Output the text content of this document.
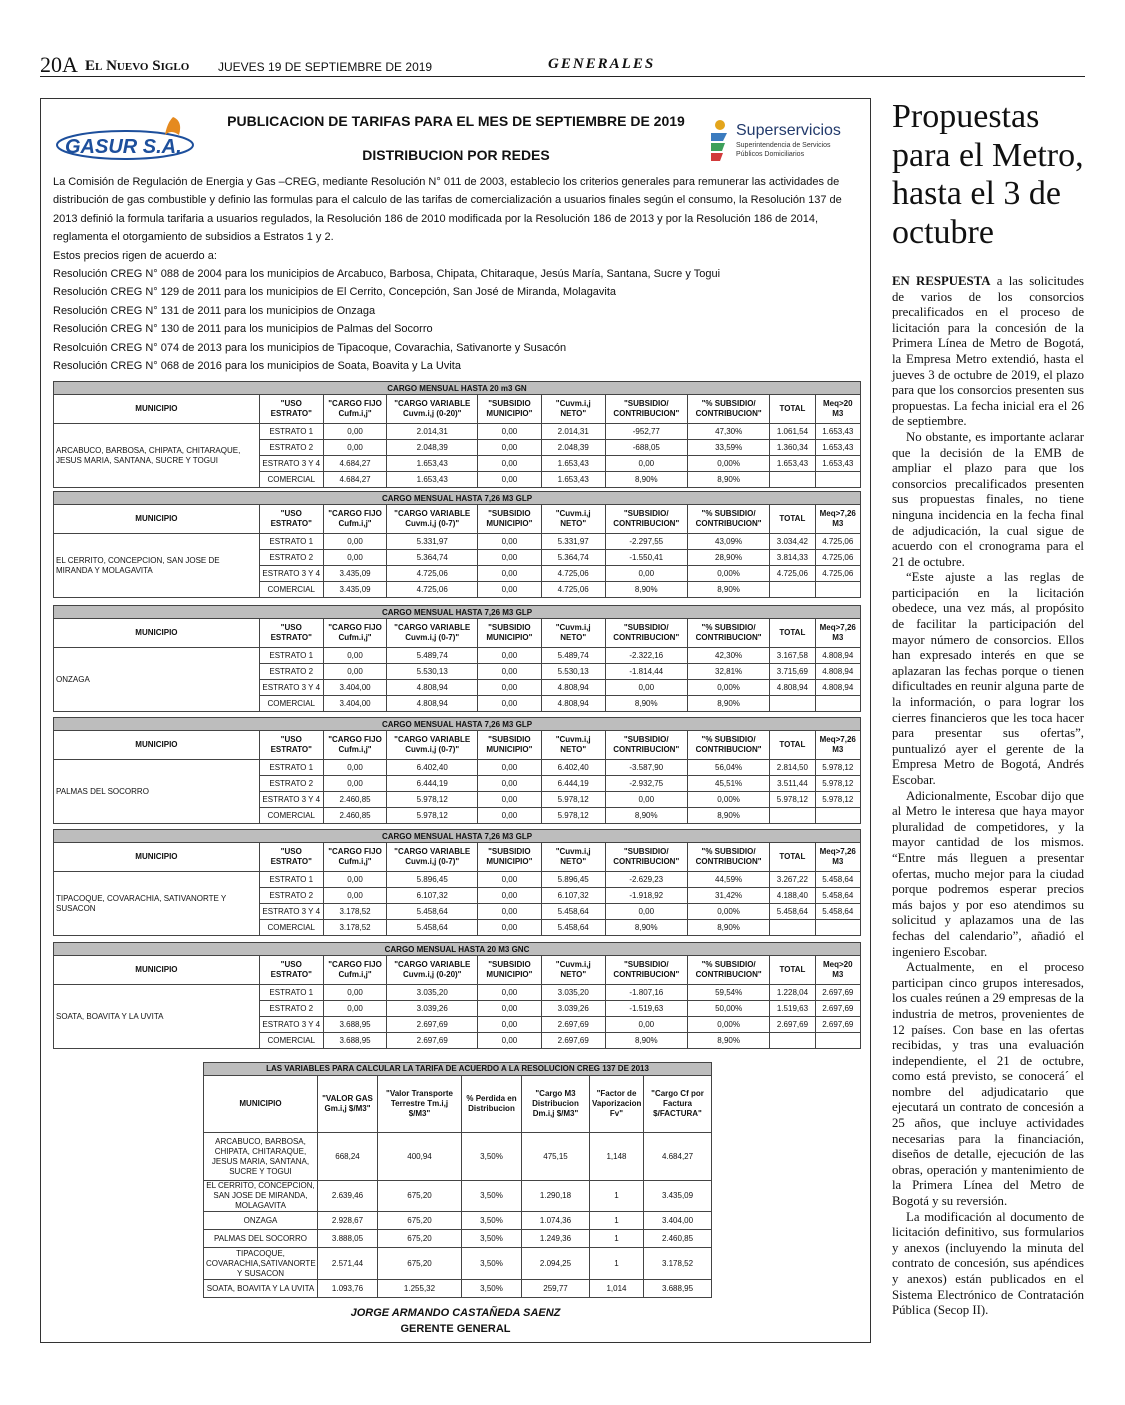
20A El Nuevo Siglo JUEVES 19 DE SEPTIEMBRE DE 2019	GENERALES
GASUR S.A.
PUBLICACION DE TARIFAS PARA EL MES DE SEPTIEMBRE DE 2019
DISTRIBUCION POR REDES
Superservicios
Superintendencia de Servicios
Públicos Domiciliarios
La Comisión de Regulación de Energia y Gas –CREG, mediante Resolución N° 011 de 2003, establecio los criterios generales para remunerar las actividades de distribución de gas combustible y definio las formulas para el calculo de las tarifas de comercialización a usuarios finales según el consumo, la Resolución 137 de 2013 definió la formula tarifaria a usuarios regulados, la Resolución 186 de 2010 modificada por la Resolución 186 de 2013 y por la Resolución 186 de 2014, reglamenta el otorgamiento de subsidios a Estratos 1 y 2.
Estos precios rigen de acuerdo a:
Resolución CREG N° 088 de 2004 para los municipios de Arcabuco, Barbosa, Chipata, Chitaraque, Jesús María, Santana, Sucre y Togui
Resolución CREG N° 129 de 2011 para los municipios de El Cerrito, Concepción, San José de Miranda, Molagavita
Resolución CREG N° 131 de 2011 para los municipios de Onzaga
Resolución CREG N° 130 de 2011 para los municipios de Palmas del Socorro
Resolcuión CREG N° 074 de 2013 para los municipios de Tipacoque, Covarachia, Sativanorte y Susacón
Resolución CREG N° 068 de 2016 para los municipios de Soata, Boavita y La Uvita
CARGO MENSUAL HASTA 20 m3 GN									
MUNICIPIO	"USO ESTRATO"	"CARGO FIJO Cufm.i,j"	"CARGO VARIABLE Cuvm.i,j (0-20)"	"SUBSIDIO MUNICIPIO"	"Cuvm.i,j NETO"	"SUBSIDIO/ CONTRIBUCION"	"% SUBSIDIO/ CONTRIBUCION"	TOTAL	Meq>20 M3
ARCABUCO, BARBOSA, CHIPATA, CHITARAQUE, JESUS MARIA, SANTANA, SUCRE Y TOGUI	ESTRATO 1	0,00	2.014,31	0,00	2.014,31	-952,77	47,30%	1.061,54	1.653,43
	ESTRATO 2	0,00	2.048,39	0,00	2.048,39	-688,05	33,59%	1.360,34	1.653,43
	ESTRATO 3 Y 4	4.684,27	1.653,43	0,00	1.653,43	0,00	0,00%	1.653,43	1.653,43
	COMERCIAL	4.684,27	1.653,43	0,00	1.653,43	8,90%	8,90%		
CARGO MENSUAL HASTA 7,26 M3 GLP									
MUNICIPIO	"USO ESTRATO"	"CARGO FIJO Cufm.i,j"	"CARGO VARIABLE Cuvm.i,j (0-7)"	"SUBSIDIO MUNICIPIO"	"Cuvm.i,j NETO"	"SUBSIDIO/ CONTRIBUCION"	"% SUBSIDIO/ CONTRIBUCION"	TOTAL	Meq>7,26 M3
EL CERRITO, CONCEPCION, SAN JOSE DE MIRANDA Y MOLAGAVITA	ESTRATO 1	0,00	5.331,97	0,00	5.331,97	-2.297,55	43,09%	3.034,42	4.725,06
	ESTRATO 2	0,00	5.364,74	0,00	5.364,74	-1.550,41	28,90%	3.814,33	4.725,06
	ESTRATO 3 Y 4	3.435,09	4.725,06	0,00	4.725,06	0,00	0,00%	4.725,06	4.725,06
	COMERCIAL	3.435,09	4.725,06	0,00	4.725,06	8,90%	8,90%		
CARGO MENSUAL HASTA 7,26 M3 GLP									
MUNICIPIO	"USO ESTRATO"	"CARGO FIJO Cufm.i,j"	"CARGO VARIABLE Cuvm.i,j (0-7)"	"SUBSIDIO MUNICIPIO"	"Cuvm.i,j NETO"	"SUBSIDIO/ CONTRIBUCION"	"% SUBSIDIO/ CONTRIBUCION"	TOTAL	Meq>7,26 M3
ONZAGA	ESTRATO 1	0,00	5.489,74	0,00	5.489,74	-2.322,16	42,30%	3.167,58	4.808,94
	ESTRATO 2	0,00	5.530,13	0,00	5.530,13	-1.814,44	32,81%	3.715,69	4.808,94
	ESTRATO 3 Y 4	3.404,00	4.808,94	0,00	4.808,94	0,00	0,00%	4.808,94	4.808,94
	COMERCIAL	3.404,00	4.808,94	0,00	4.808,94	8,90%	8,90%		
CARGO MENSUAL HASTA 7,26 M3 GLP									
MUNICIPIO	"USO ESTRATO"	"CARGO FIJO Cufm.i,j"	"CARGO VARIABLE Cuvm.i,j (0-7)"	"SUBSIDIO MUNICIPIO"	"Cuvm.i,j NETO"	"SUBSIDIO/ CONTRIBUCION"	"% SUBSIDIO/ CONTRIBUCION"	TOTAL	Meq>7,26 M3
PALMAS DEL SOCORRO	ESTRATO 1	0,00	6.402,40	0,00	6.402,40	-3.587,90	56,04%	2.814,50	5.978,12
	ESTRATO 2	0,00	6.444,19	0,00	6.444,19	-2.932,75	45,51%	3.511,44	5.978,12
	ESTRATO 3 Y 4	2.460,85	5.978,12	0,00	5.978,12	0,00	0,00%	5.978,12	5.978,12
	COMERCIAL	2.460,85	5.978,12	0,00	5.978,12	8,90%	8,90%		
CARGO MENSUAL HASTA 7,26 M3 GLP									
MUNICIPIO	"USO ESTRATO"	"CARGO FIJO Cufm.i,j"	"CARGO VARIABLE Cuvm.i,j (0-7)"	"SUBSIDIO MUNICIPIO"	"Cuvm.i,j NETO"	"SUBSIDIO/ CONTRIBUCION"	"% SUBSIDIO/ CONTRIBUCION"	TOTAL	Meq>7,26 M3
TIPACOQUE, COVARACHIA, SATIVANORTE Y SUSACON	ESTRATO 1	0,00	5.896,45	0,00	5.896,45	-2.629,23	44,59%	3.267,22	5.458,64
	ESTRATO 2	0,00	6.107,32	0,00	6.107,32	-1.918,92	31,42%	4.188,40	5.458,64
	ESTRATO 3 Y 4	3.178,52	5.458,64	0,00	5.458,64	0,00	0,00%	5.458,64	5.458,64
	COMERCIAL	3.178,52	5.458,64	0,00	5.458,64	8,90%	8,90%		
CARGO MENSUAL HASTA 20 M3 GNC									
MUNICIPIO	"USO ESTRATO"	"CARGO FIJO Cufm.i,j"	"CARGO VARIABLE Cuvm.i,j (0-20)"	"SUBSIDIO MUNICIPIO"	"Cuvm.i,j NETO"	"SUBSIDIO/ CONTRIBUCION"	"% SUBSIDIO/ CONTRIBUCION"	TOTAL	Meq>20 M3
SOATA, BOAVITA Y LA UVITA	ESTRATO 1	0,00	3.035,20	0,00	3.035,20	-1.807,16	59,54%	1.228,04	2.697,69
	ESTRATO 2	0,00	3.039,26	0,00	3.039,26	-1.519,63	50,00%	1.519,63	2.697,69
	ESTRATO 3 Y 4	3.688,95	2.697,69	0,00	2.697,69	0,00	0,00%	2.697,69	2.697,69
	COMERCIAL	3.688,95	2.697,69	0,00	2.697,69	8,90%	8,90%		
LAS VARIABLES PARA CALCULAR LA TARIFA DE ACUERDO A LA RESOLUCION CREG 137 DE 2013						
MUNICIPIO	"VALOR GAS Gm.i,j $/M3"	"Valor Transporte Terrestre Tm.i,j $/M3"	% Perdida en Distribucion	"Cargo M3 Distribucion Dm.i,j $/M3"	"Factor de Vaporizacion Fv"	"Cargo Cf por Factura $/FACTURA"
ARCABUCO, BARBOSA, CHIPATA, CHITARAQUE, JESUS MARIA, SANTANA, SUCRE Y TOGUI	668,24	400,94	3,50%	475,15	1,148	4.684,27
EL CERRITO, CONCEPCION, SAN JOSE DE MIRANDA, MOLAGAVITA	2.639,46	675,20	3,50%	1.290,18	1	3.435,09
ONZAGA	2.928,67	675,20	3,50%	1.074,36	1	3.404,00
PALMAS DEL SOCORRO	3.888,05	675,20	3,50%	1.249,36	1	2.460,85
TIPACOQUE, COVARACHIA,SATIVANORTE Y SUSACON	2.571,44	675,20	3,50%	2.094,25	1	3.178,52
SOATA, BOAVITA Y LA UVITA	1.093,76	1.255,32	3,50%	259,77	1,014	3.688,95
JORGE ARMANDO CASTAÑEDA SAENZ
GERENTE GENERAL
Propuestas para el Metro, hasta el 3 de octubre

EN RESPUESTA a las solicitudes de varios de los consorcios precalificados en el proceso de licitación para la concesión de la Primera Línea de Metro de Bogotá, la Empresa Metro extendió, hasta el jueves 3 de octubre de 2019, el plazo para que los consorcios presenten sus propuestas. La fecha inicial era el 26 de septiembre.

No obstante, es importante aclarar que la decisión de la EMB de ampliar el plazo para que los consorcios precalificados presenten sus propuestas finales, no tiene ninguna incidencia en la fecha final de adjudicación, la cual sigue de acuerdo con el cronograma para el 21 de octubre.

“Este ajuste a las reglas de participación en la licitación obedece, una vez más, al propósito de facilitar la participación del mayor número de consorcios. Ellos han expresado interés en que se aplazaran las fechas porque o tienen dificultades en reunir alguna parte de la información, o para lograr los cierres financieros que les toca hacer para presentar sus ofertas”, puntualizó ayer el gerente de la Empresa Metro de Bogotá, Andrés Escobar.

Adicionalmente, Escobar dijo que al Metro le interesa que haya mayor pluralidad de competidores, y la mayor cantidad de los mismos. “Entre más lleguen a presentar ofertas, mucho mejor para la ciudad porque podremos esperar precios más bajos y por eso atendimos su solicitud y aplazamos una de las fechas del calendario”, añadió el ingeniero Escobar.

Actualmente, en el proceso participan cinco grupos interesados, los cuales reúnen a 29 empresas de la industria de metros, provenientes de 12 países. Con base en las ofertas recibidas, y tras una evaluación independiente, el 21 de octubre, como está previsto, se conocerá´ el nombre del adjudicatario que ejecutará un contrato de concesión a 25 años, que incluye actividades necesarias para la financiación, diseños de detalle, ejecución de las obras, operación y mantenimiento de la Primera Línea del Metro de Bogotá y su reversión.

La modificación al documento de licitación definitivo, sus formularios y anexos (incluyendo la minuta del contrato de concesión, sus apéndices y anexos) están publicados en el Sistema Electrónico de Contratación Pública (Secop II).
